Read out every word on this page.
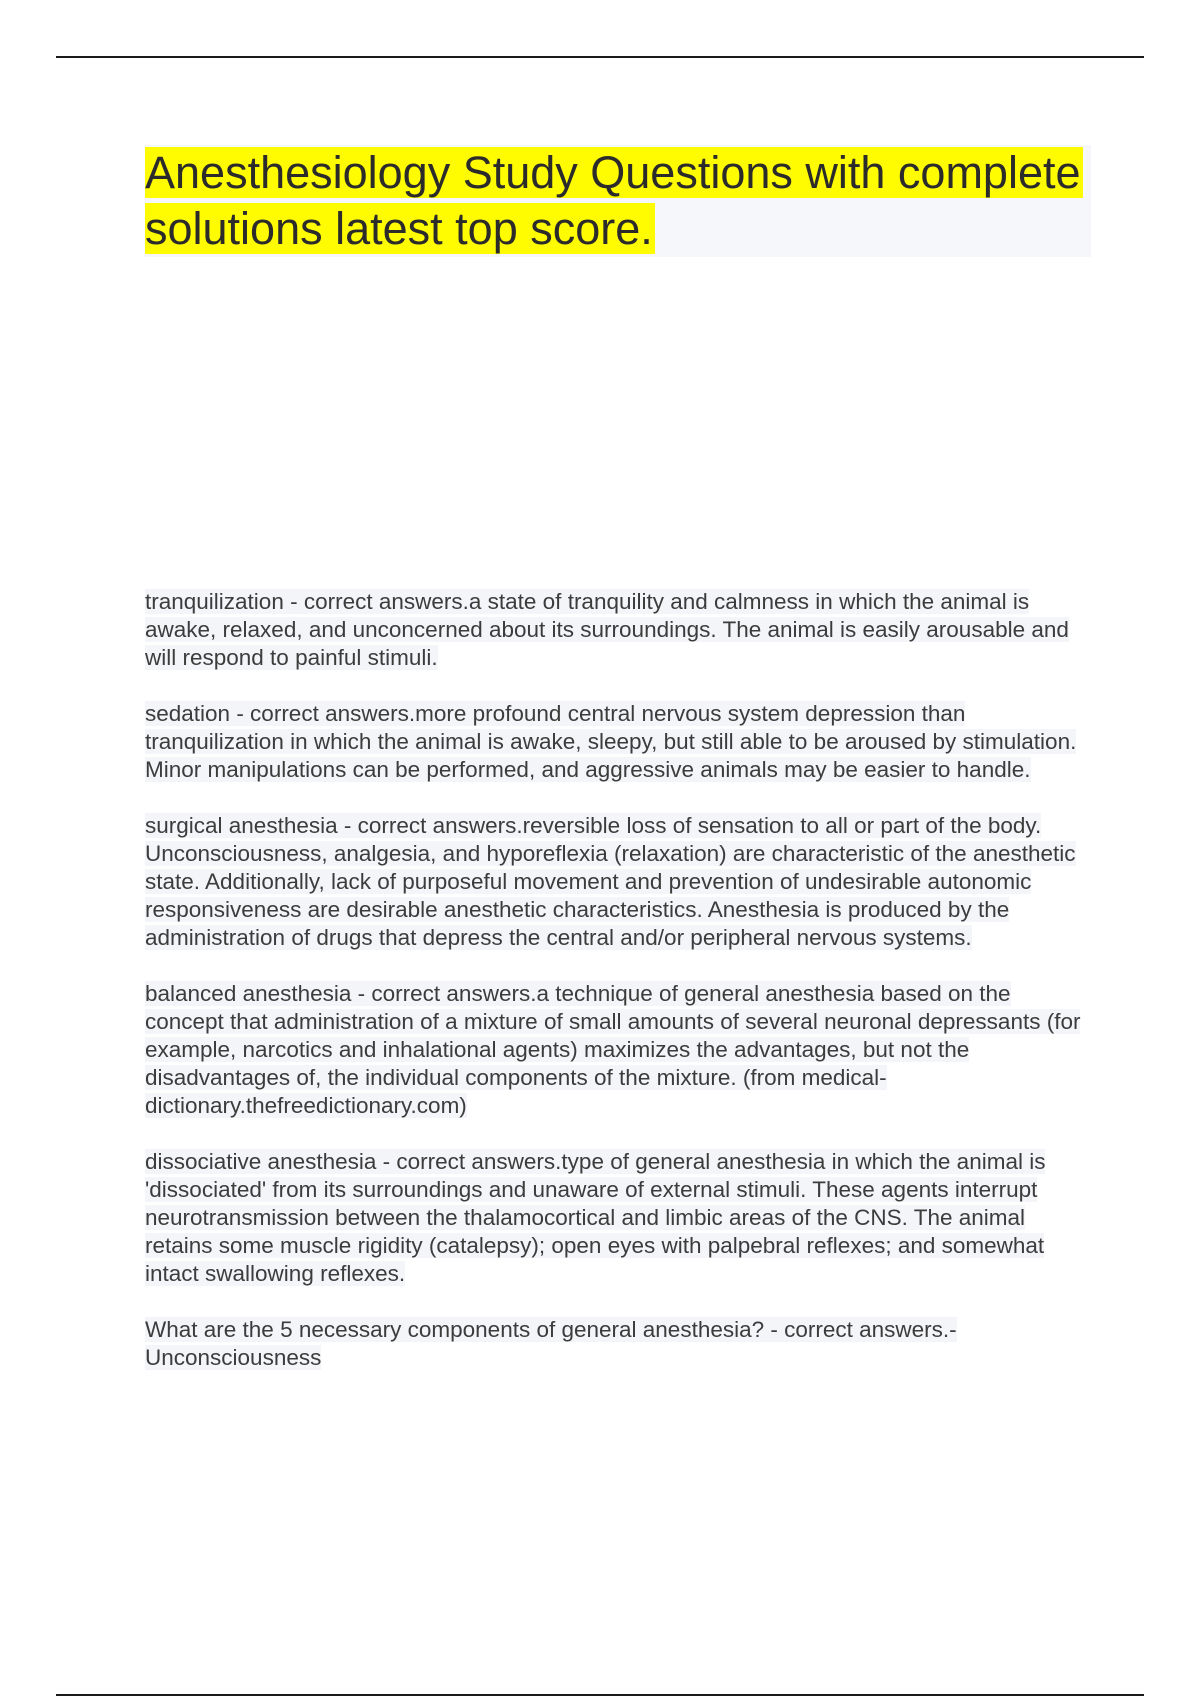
Anesthesiology Study Questions with complete solutions latest top score.

tranquilization - correct answers.a state of tranquility and calmness in which the animal is awake, relaxed, and unconcerned about its surroundings. The animal is easily arousable and will respond to painful stimuli.

sedation - correct answers.more profound central nervous system depression than tranquilization in which the animal is awake, sleepy, but still able to be aroused by stimulation. Minor manipulations can be performed, and aggressive animals may be easier to handle.

surgical anesthesia - correct answers.reversible loss of sensation to all or part of the body. Unconsciousness, analgesia, and hyporeflexia (relaxation) are characteristic of the anesthetic state. Additionally, lack of purposeful movement and prevention of undesirable autonomic responsiveness are desirable anesthetic characteristics. Anesthesia is produced by the administration of drugs that depress the central and/or peripheral nervous systems.

balanced anesthesia - correct answers.a technique of general anesthesia based on the concept that administration of a mixture of small amounts of several neuronal depressants (for example, narcotics and inhalational agents) maximizes the advantages, but not the disadvantages of, the individual components of the mixture. (from medical-dictionary.thefreedictionary.com)

dissociative anesthesia - correct answers.type of general anesthesia in which the animal is 'dissociated' from its surroundings and unaware of external stimuli. These agents interrupt neurotransmission between the thalamocortical and limbic areas of the CNS. The animal retains some muscle rigidity (catalepsy); open eyes with palpebral reflexes; and somewhat intact swallowing reflexes.

What are the 5 necessary components of general anesthesia? - correct answers.- Unconsciousness
